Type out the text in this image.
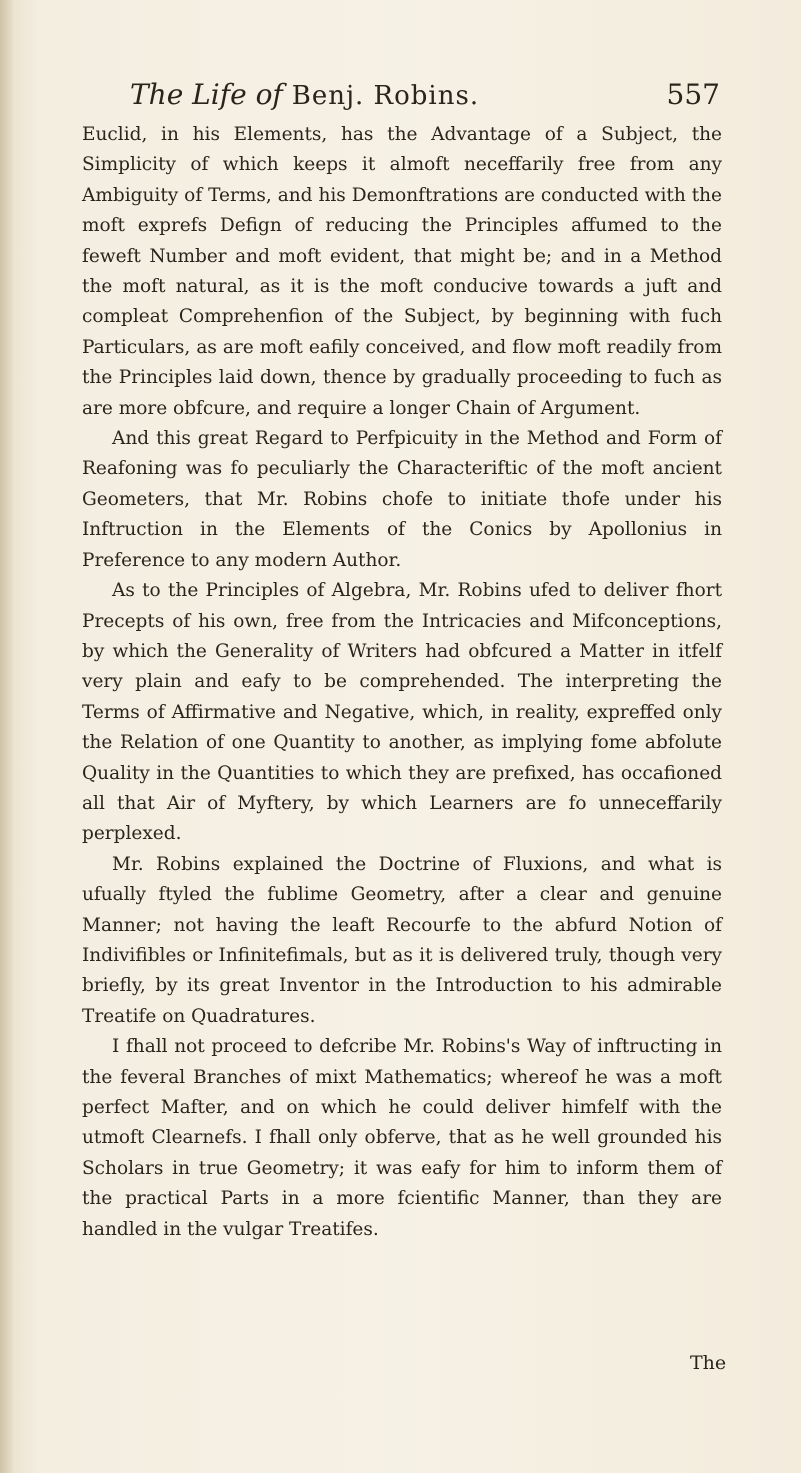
The Life of Benj. Robins.	557

Euclid, in his Elements, has the Advantage of a Subject, the Simplicity of which keeps it almoft neceffarily free from any Ambiguity of Terms, and his Demonftrations are conducted with the moft exprefs Defign of reducing the Principles affumed to the feweft Number and moft evident, that might be; and in a Method the moft natural, as it is the moft conducive towards a juft and compleat Comprehenfion of the Subject, by beginning with fuch Particulars, as are moft eafily conceived, and flow moft readily from the Principles laid down, thence by gradually proceeding to fuch as are more obfcure, and require a longer Chain of Argument.

And this great Regard to Perfpicuity in the Method and Form of Reafoning was fo peculiarly the Characteriftic of the moft ancient Geometers, that Mr. Robins chofe to initiate thofe under his Inftruction in the Elements of the Conics by Apollonius in Preference to any modern Author.

As to the Principles of Algebra, Mr. Robins ufed to deliver fhort Precepts of his own, free from the Intricacies and Mifconceptions, by which the Generality of Writers had obfcured a Matter in itfelf very plain and eafy to be comprehended. The interpreting the Terms of Affirmative and Negative, which, in reality, expreffed only the Relation of one Quantity to another, as implying fome abfolute Quality in the Quantities to which they are prefixed, has occafioned all that Air of Myftery, by which Learners are fo unneceffarily perplexed.

Mr. Robins explained the Doctrine of Fluxions, and what is ufually ftyled the fublime Geometry, after a clear and genuine Manner; not having the leaft Recourfe to the abfurd Notion of Indivifibles or Infinitefimals, but as it is delivered truly, though very briefly, by its great Inventor in the Introduction to his admirable Treatife on Quadratures.

I fhall not proceed to defcribe Mr. Robins's Way of inftructing in the feveral Branches of mixt Mathematics; whereof he was a moft perfect Mafter, and on which he could deliver himfelf with the utmoft Clearnefs. I fhall only obferve, that as he well grounded his Scholars in true Geometry; it was eafy for him to inform them of the practical Parts in a more fcientific Manner, than they are handled in the vulgar Treatifes.

The
